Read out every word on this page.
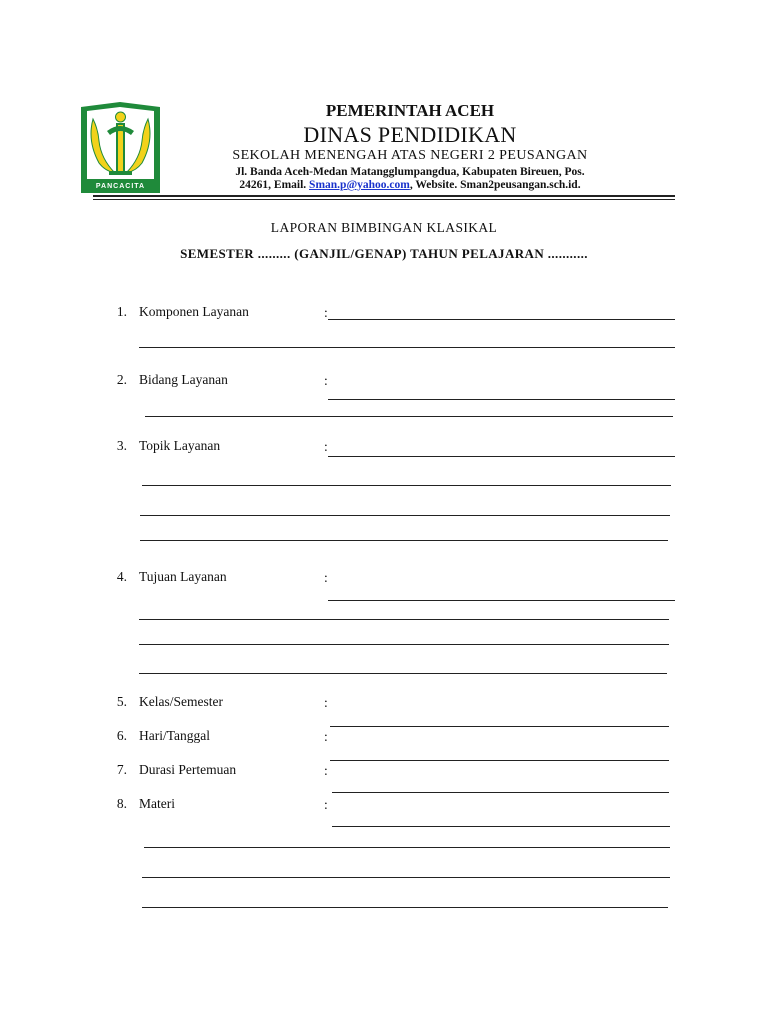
PANCACITA
PEMERINTAH ACEH
DINAS PENDIDIKAN
SEKOLAH MENENGAH ATAS NEGERI 2 PEUSANGAN
Jl. Banda Aceh-Medan Matangglumpangdua, Kabupaten Bireuen, Pos.
24261, Email. Sman.p@yahoo.com, Website. Sman2peusangan.sch.id.
LAPORAN BIMBINGAN KLASIKAL
SEMESTER ......... (GANJIL/GENAP) TAHUN PELAJARAN ...........
1. Komponen Layanan	:
2. Bidang Layanan	:
3. Topik Layanan	:
4. Tujuan Layanan	:
5. Kelas/Semester	:
6. Hari/Tanggal	:
7. Durasi Pertemuan	:
8. Materi	:
